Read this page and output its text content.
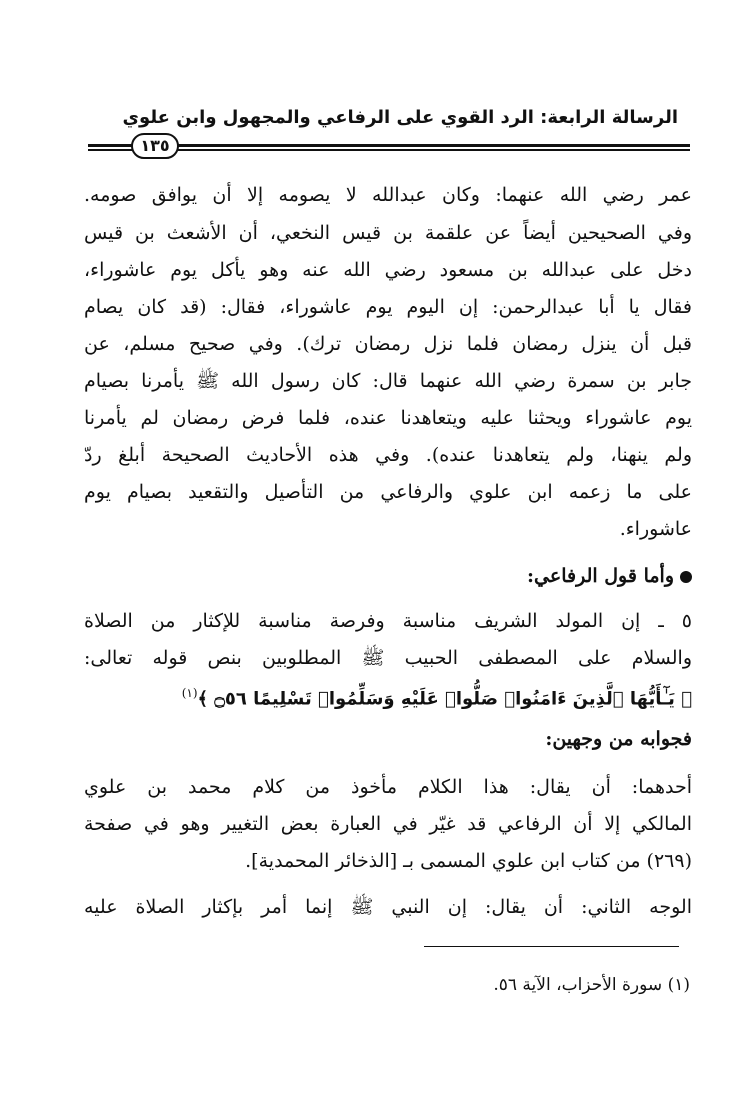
الرسالة الرابعة: الرد القوي على الرفاعي والمجهول وابن علوي
١٣٥
عمر رضي الله عنهما: وكان عبدالله لا يصومه إلا أن يوافق صومه.
وفي الصحيحين أيضاً عن علقمة بن قيس النخعي، أن الأشعث بن قيس
دخل على عبدالله بن مسعود رضي الله عنه وهو يأكل يوم عاشوراء،
فقال يا أبا عبدالرحمن: إن اليوم يوم عاشوراء، فقال: (قد كان يصام
قبل أن ينزل رمضان فلما نزل رمضان ترك). وفي صحيح مسلم، عن
جابر بن سمرة رضي الله عنهما قال: كان رسول الله ﷺ يأمرنا بصيام
يوم عاشوراء ويحثنا عليه ويتعاهدنا عنده، فلما فرض رمضان لم يأمرنا
ولم ينهنا، ولم يتعاهدنا عنده). وفي هذه الأحاديث الصحيحة أبلغ ردّ
على ما زعمه ابن علوي والرفاعي من التأصيل والتقعيد بصيام يوم
عاشوراء.
وأما قول الرفاعي:
٥ ـ إن المولد الشريف مناسبة وفرصة مناسبة للإكثار من الصلاة
والسلام على المصطفى الحبيب ﷺ المطلوبين بنص قوله تعالى:
﴿ يَـٰٓأَيُّهَا ٱلَّذِينَ ءَامَنُوا۟ صَلُّوا۟ عَلَيْهِ وَسَلِّمُوا۟ تَسْلِيمًا ۝٥٦ ﴾$^{(١)}$
فجوابه من وجهين:
أحدهما: أن يقال: هذا الكلام مأخوذ من كلام محمد بن علوي
المالكي إلا أن الرفاعي قد غيّر في العبارة بعض التغيير وهو في صفحة
(٢٦٩) من كتاب ابن علوي المسمى بـ [الذخائر المحمدية].
الوجه الثاني: أن يقال: إن النبي ﷺ إنما أمر بإكثار الصلاة عليه
(١) سورة الأحزاب، الآية ٥٦.
